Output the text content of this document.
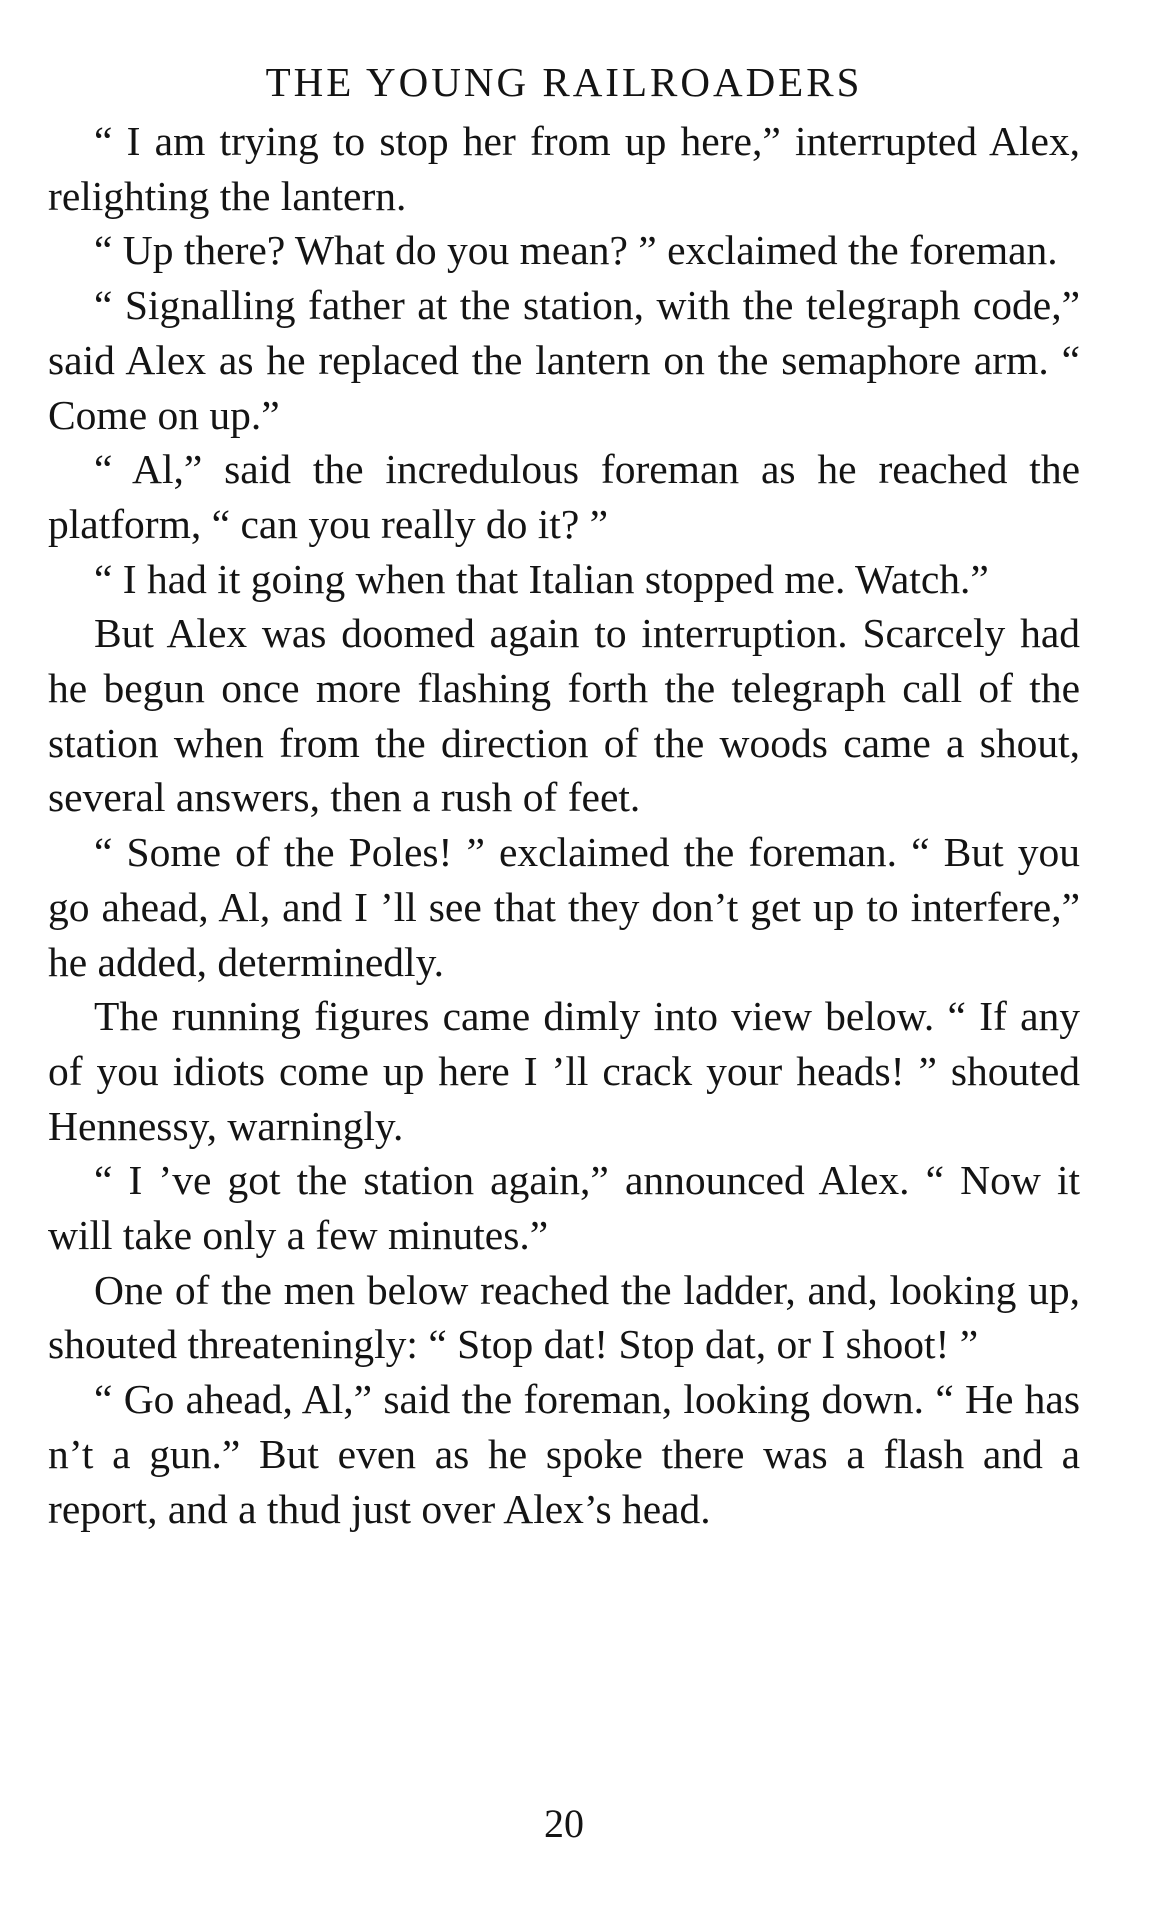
THE YOUNG RAILROADERS

“ I am trying to stop her from up here,” interrupted Alex, relighting the lantern.

“ Up there? What do you mean? ” exclaimed the foreman.

“ Signalling father at the station, with the telegraph code,” said Alex as he replaced the lantern on the semaphore arm. “ Come on up.”

“ Al,” said the incredulous foreman as he reached the platform, “ can you really do it? ”

“ I had it going when that Italian stopped me. Watch.”

But Alex was doomed again to interruption. Scarcely had he begun once more flashing forth the telegraph call of the station when from the direction of the woods came a shout, several answers, then a rush of feet.

“ Some of the Poles! ” exclaimed the foreman. “ But you go ahead, Al, and I ’ll see that they don’t get up to interfere,” he added, determinedly.

The running figures came dimly into view below. “ If any of you idiots come up here I ’ll crack your heads! ” shouted Hennessy, warningly.

“ I ’ve got the station again,” announced Alex. “ Now it will take only a few minutes.”

One of the men below reached the ladder, and, looking up, shouted threateningly: “ Stop dat! Stop dat, or I shoot! ”

“ Go ahead, Al,” said the foreman, looking down. “ He has n’t a gun.” But even as he spoke there was a flash and a report, and a thud just over Alex’s head.

20
